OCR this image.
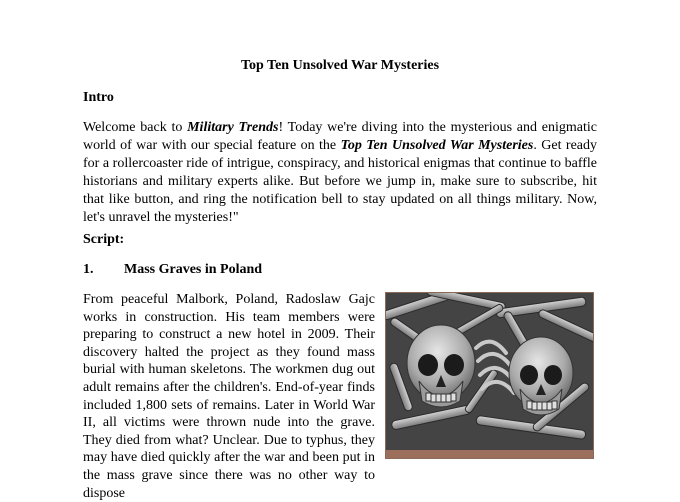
Top Ten Unsolved War Mysteries
Intro
Welcome back to Military Trends! Today we're diving into the mysterious and enigmatic world of war with our special feature on the Top Ten Unsolved War Mysteries. Get ready for a rollercoaster ride of intrigue, conspiracy, and historical enigmas that continue to baffle historians and military experts alike. But before we jump in, make sure to subscribe, hit that like button, and ring the notification bell to stay updated on all things military. Now, let's unravel the mysteries!"
Script:
1. Mass Graves in Poland
From peaceful Malbork, Poland, Radoslaw Gajc works in construction. His team members were preparing to construct a new hotel in 2009. Their discovery halted the project as they found mass burial with human skeletons. The workmen dug out adult remains after the children's. End-of-year finds included 1,800 sets of remains. Later in World War II, all victims were thrown nude into the grave. They died from what? Unclear. Due to typhus, they may have died quickly after the war and been put in the mass grave since there was no other way to dispose
